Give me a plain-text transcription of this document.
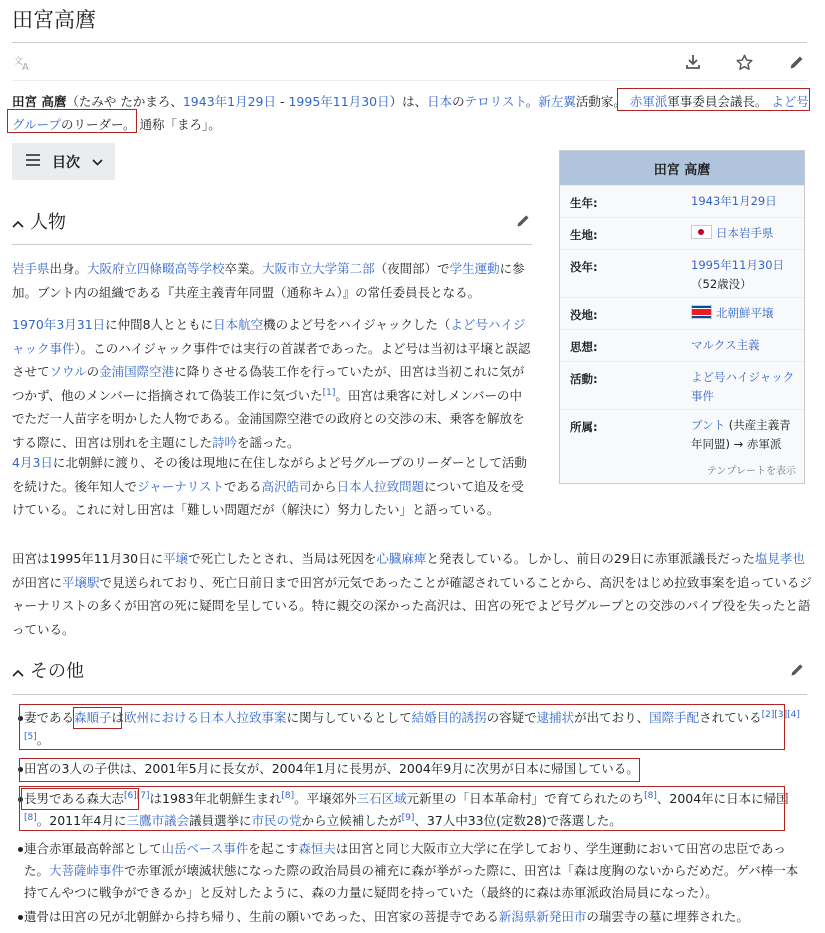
田宮高麿
文
A
田宮 高麿（たみや たかまろ、1943年1月29日 - 1995年11月30日）は、日本のテロリスト。新左翼活動家。 赤軍派軍事委員会議長。 よど号
グループのリーダー。 通称「まろ」。
目次
人物
岩手県出身。大阪府立四條畷高等学校卒業。大阪市立大学第二部（夜間部）で学生運動に参加。ブント内の組織である『共産主義青年同盟（通称キム）』の常任委員長となる。
1970年3月31日に仲間8人とともに日本航空機のよど号をハイジャックした（よど号ハイジャック事件）。このハイジャック事件では実行の首謀者であった。よど号は当初は平壌と誤認させてソウルの金浦国際空港に降りさせる偽装工作を行っていたが、田宮は当初これに気がつかず、他のメンバーに指摘されて偽装工作に気づいた[1]。田宮は乗客に対しメンバーの中でただ一人苗字を明かした人物である。金浦国際空港での政府との交渉の末、乗客を解放をする際に、田宮は別れを主題にした詩吟を謡った。
4月3日に北朝鮮に渡り、その後は現地に在住しながらよど号グループのリーダーとして活動を続けた。後年知人でジャーナリストである高沢皓司から日本人拉致問題について追及を受けている。これに対し田宮は「難しい問題だが（解決に）努力したい」と語っている。
田宮は1995年11月30日に平壌で死亡したとされ、当局は死因を心臓麻痺と発表している。しかし、前日の29日に赤軍派議長だった塩見孝也が田宮に平壌駅で見送られており、死亡日前日まで田宮が元気であったことが確認されていることから、高沢をはじめ拉致事案を追っているジャーナリストの多くが田宮の死に疑問を呈している。特に親交の深かった高沢は、田宮の死でよど号グループとの交渉のパイプ役を失ったと語っている。
田宮 高麿
生年:	1943年1月29日
生地:	日本岩手県
没年:	1995年11月30日
（52歳没）
没地:	北朝鮮平壌
思想:	マルクス主義
活動:	よど号ハイジャック事件
所属:	ブント (共産主義青年同盟) → 赤軍派
テンプレートを表示
その他
妻である森順子は欧州における日本人拉致事案に関与しているとして結婚目的誘拐の容疑で逮捕状が出ており、国際手配されている[2][3][4][5]。
田宮の3人の子供は、2001年5月に長女が、2004年1月に長男が、2004年9月に次男が日本に帰国している。
長男である森大志[6][7]は1983年北朝鮮生まれ[8]。平壌郊外三石区域元新里の「日本革命村」で育てられたのち[8]、2004年に日本に帰国[8]。2011年4月に三鷹市議会議員選挙に市民の党から立候補したが[9]、37人中33位(定数28)で落選した。
連合赤軍最高幹部として山岳ベース事件を起こす森恒夫は田宮と同じ大阪市立大学に在学しており、学生運動において田宮の忠臣であった。大菩薩峠事件で赤軍派が壊滅状態になった際の政治局員の補充に森が挙がった際に、田宮は「森は度胸のないからだめだ。ゲバ棒一本持てんやつに戦争ができるか」と反対したように、森の力量に疑問を持っていた（最終的に森は赤軍派政治局員になった）。
遺骨は田宮の兄が北朝鮮から持ち帰り、生前の願いであった、田宮家の菩提寺である新潟県新発田市の瑞雲寺の墓に埋葬された。
